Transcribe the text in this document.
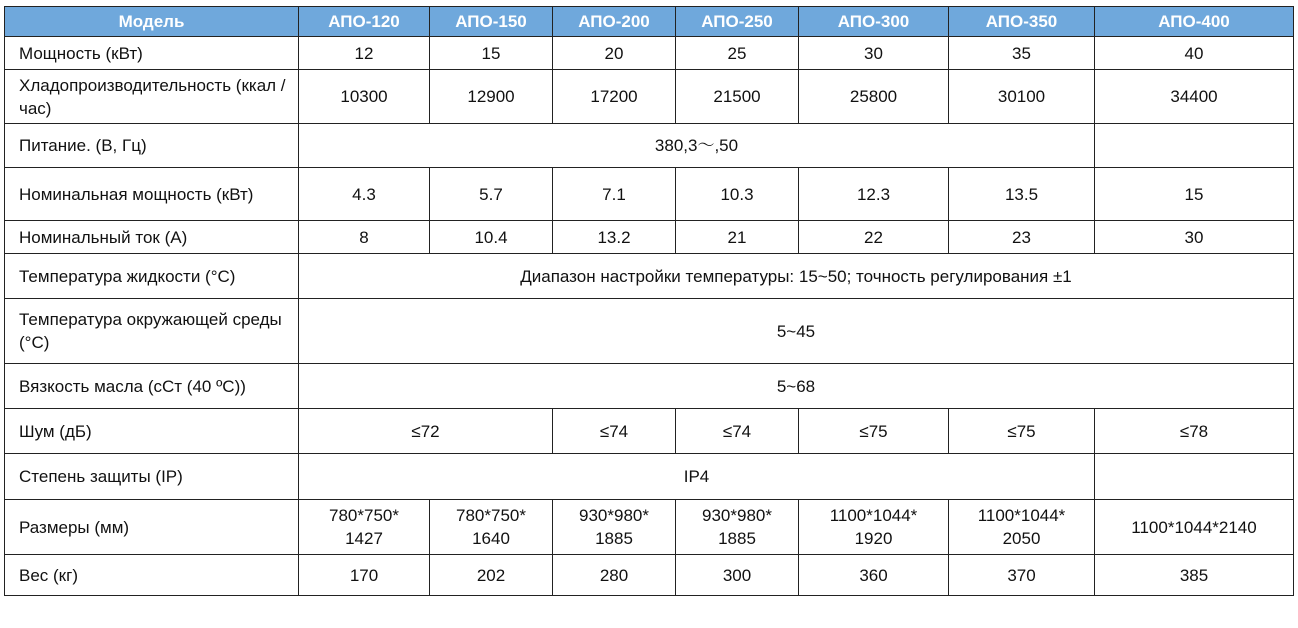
Модель	АПО-120	АПО-150	АПО-200	АПО-250	АПО-300	АПО-350	АПО-400
Мощность (кВт)	12	15	20	25	30	35	40
Хладопроизводительность (ккал /час)	10300	12900	17200	21500	25800	30100	34400
Питание. (В, Гц)	380,3～,50						
Номинальная мощность (кВт)	4.3	5.7	7.1	10.3	12.3	13.5	15
Номинальный ток (А)	8	10.4	13.2	21	22	23	30
Температура жидкости (°C)	Диапазон настройки температуры: 15~50; точность регулирования ±1						
Температура окружающей среды (°C)	5~45						
Вязкость масла (сСт (40 ºC))	5~68						
Шум (дБ)	≤72		≤74	≤74	≤75	≤75	≤78
Степень защиты (IP)	IP4						
Размеры (мм)	780*750* 1427	780*750* 1640	930*980* 1885	930*980* 1885	1100*1044* 1920	1100*1044* 2050	1100*1044*2140
Вес (кг)	170	202	280	300	360	370	385
